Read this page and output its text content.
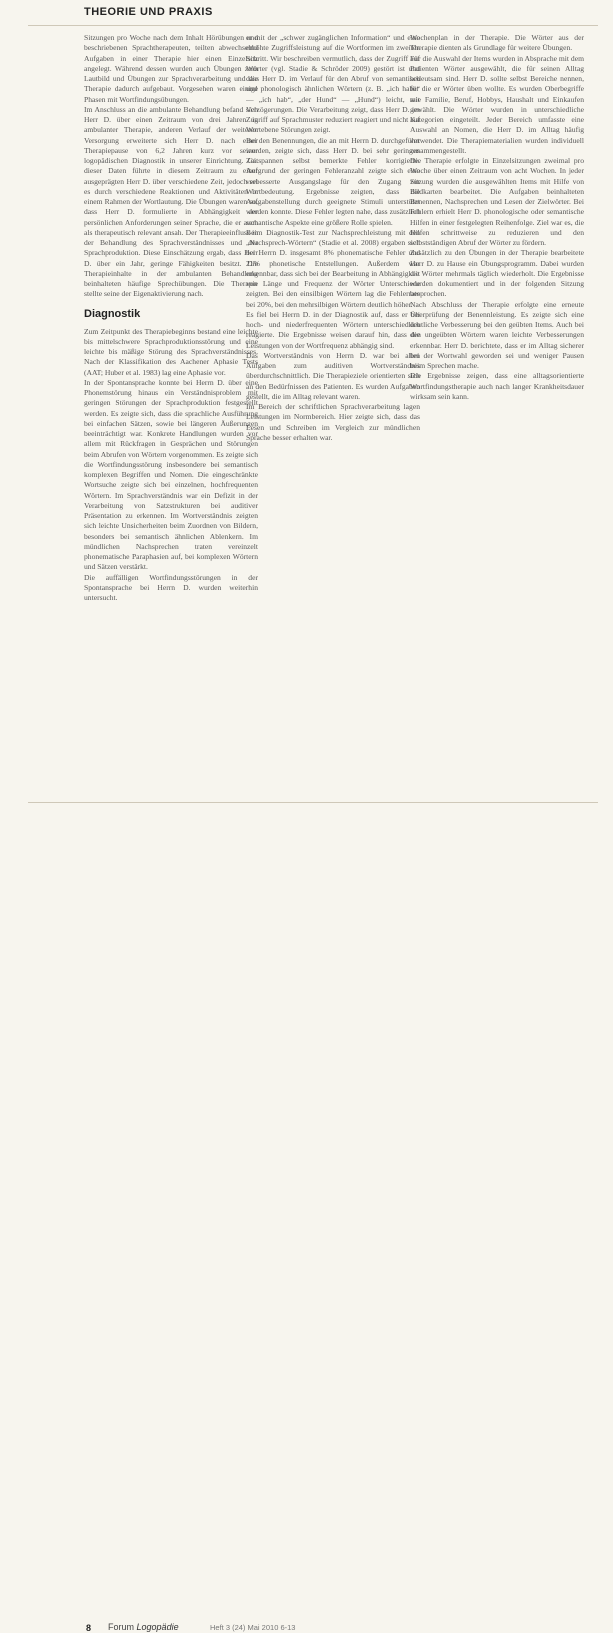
THEORIE UND PRAXIS

Sitzungen pro Woche nach dem Inhalt Hörübungen und beschriebenen Sprachtherapeuten, teilten abwechselnd Aufgaben in einer Therapie hier einen Einzelsitz angelegt. Während dessen wurden auch Übungen zum Lautbild und Übungen zur Sprachverarbeitung und die Therapie dadurch aufgebaut. Vorgesehen waren einige Phasen mit Wortfindungsübungen.

Im Anschluss an die ambulante Behandlung befand sich Herr D. über einen Zeitraum von drei Jahren in ambulanter Therapie, anderen Verlauf der weiteren Versorgung erweiterte sich Herr D. nach einer Therapiepause von 6,2 Jahren kurz vor seiner logopädischen Diagnostik in unserer Einrichtung. Ca. dieser Daten führte in diesem Zeitraum zu einer ausgeprägten Herr D. über verschiedene Zeit, jedoch sei es durch verschiedene Reaktionen und Aktivitäten in einem Rahmen der Wortlautung. Die Übungen waren so, dass Herr D. formulierte in Abhängigkeit der persönlichen Anforderungen seiner Sprache, die er auch als therapeutisch relevant ansah. Der Therapieeinfluss in der Behandlung des Sprachverständnisses und der Sprachproduktion. Diese Einschätzung ergab, dass Herr D. über ein Jahr, geringe Fähigkeiten besitzt. Die Therapieinhalte in der ambulanten Behandlung beinhalteten häufige Sprechübungen. Die Therapie stellte seine der Eigenaktivierung nach.

Diagnostik

Zum Zeitpunkt des Therapiebeginns bestand eine leichte bis mittelschwere Sprachproduktionsstörung und eine leichte bis mäßige Störung des Sprachverständnisses. Nach der Klassifikation des Aachener Aphasie Tests (AAT; Huber et al. 1983) lag eine Aphasie vor.

In der Spontansprache konnte bei Herrn D. über eine Phonemstörung hinaus ein Verständnisproblem mit geringen Störungen der Sprachproduktion festgestellt werden. Es zeigte sich, dass die sprachliche Ausführung bei einfachen Sätzen, sowie bei längeren Äußerungen beeinträchtigt war. Konkrete Handlungen wurden vor allem mit Rückfragen in Gesprächen und Störungen beim Abrufen von Wörtern vorgenommen. Es zeigte sich die Wortfindungsstörung insbesondere bei semantisch komplexen Begriffen und Nomen. Die eingeschränkte Wortsuche zeigte sich bei einzelnen, hochfrequenten Wörtern. Im Sprachverständnis war ein Defizit in der Verarbeitung von Satzstrukturen bei auditiver Präsentation zu erkennen. Im Wortverständnis zeigten sich leichte Unsicherheiten beim Zuordnen von Bildern, besonders bei semantisch ähnlichen Ablenkern. Im mündlichen Nachsprechen traten vereinzelt phonematische Paraphasien auf, bei komplexen Wörtern und Sätzen verstärkt.

Die auffälligen Wortfindungsstörungen in der Spontansprache bei Herrn D. wurden weiterhin untersucht.

er mit der „schwer zugänglichen Information“ und eine erhöhte Zugriffsleistung auf die Wortformen im zweiten Schritt. Wir beschreiben vermutlich, dass der Zugriff auf Wörter (vgl. Stadie & Schröder 2009) gestört ist und dass Herr D. im Verlauf für den Abruf von semantisch und phonologisch ähnlichen Wörtern (z. B. „ich habe“ — „ich hab“, „der Hund“ — „Hund“) leicht, mit Verzögerungen. Die Verarbeitung zeigt, dass Herr D. im Zugriff auf Sprachmuster reduziert reagiert und nicht auf Wortebene Störungen zeigt.

Bei den Benennungen, die an mit Herrn D. durchgeführt wurden, zeigte sich, dass Herr D. bei sehr geringen Zeitspannen selbst bemerkte Fehler korrigierte. Aufgrund der geringen Fehleranzahl zeigte sich eine verbesserte Ausgangslage für den Zugang zur Wortbedeutung. Ergebnisse zeigten, dass die Aufgabenstellung durch geeignete Stimuli unterstützt werden konnte. Diese Fehler legten nahe, dass zusätzlich semantische Aspekte eine größere Rolle spielen.

Beim Diagnostik-Test zur Nachsprechleistung mit den „Nachsprech-Wörtern“ (Stadie et al. 2008) ergaben sich bei Herrn D. insgesamt 8% phonematische Fehler und 21% phonetische Entstellungen. Außerdem war erkennbar, dass sich bei der Bearbeitung in Abhängigkeit von Länge und Frequenz der Wörter Unterschiede zeigten. Bei den einsilbigen Wörtern lag die Fehlerrate bei 20%, bei den mehrsilbigen Wörtern deutlich höher.

Es fiel bei Herrn D. in der Diagnostik auf, dass er bei hoch- und niederfrequenten Wörtern unterschiedlich reagierte. Die Ergebnisse weisen darauf hin, dass die Leistungen von der Wortfrequenz abhängig sind.

Das Wortverständnis von Herrn D. war bei allen Aufgaben zum auditiven Wortverständnis überdurchschnittlich. Die Therapieziele orientierten sich an den Bedürfnissen des Patienten. Es wurden Aufgaben gestellt, die im Alltag relevant waren.

Im Bereich der schriftlichen Sprachverarbeitung lagen Leistungen im Normbereich. Hier zeigte sich, dass das Lesen und Schreiben im Vergleich zur mündlichen Sprache besser erhalten war.

Wochenplan in der Therapie. Die Wörter aus der Therapie dienten als Grundlage für weitere Übungen.

Für die Auswahl der Items wurden in Absprache mit dem Patienten Wörter ausgewählt, die für seinen Alltag bedeutsam sind. Herr D. sollte selbst Bereiche nennen, für die er Wörter üben wollte. Es wurden Oberbegriffe wie Familie, Beruf, Hobbys, Haushalt und Einkaufen gewählt. Die Wörter wurden in unterschiedliche Kategorien eingeteilt. Jeder Bereich umfasste eine Auswahl an Nomen, die Herr D. im Alltag häufig verwendet. Die Therapiematerialien wurden individuell zusammengestellt.

Die Therapie erfolgte in Einzelsitzungen zweimal pro Woche über einen Zeitraum von acht Wochen. In jeder Sitzung wurden die ausgewählten Items mit Hilfe von Bildkarten bearbeitet. Die Aufgaben beinhalteten Benennen, Nachsprechen und Lesen der Zielwörter. Bei Fehlern erhielt Herr D. phonologische oder semantische Hilfen in einer festgelegten Reihenfolge. Ziel war es, die Hilfen schrittweise zu reduzieren und den selbstständigen Abruf der Wörter zu fördern.

Zusätzlich zu den Übungen in der Therapie bearbeitete Herr D. zu Hause ein Übungsprogramm. Dabei wurden die Wörter mehrmals täglich wiederholt. Die Ergebnisse wurden dokumentiert und in der folgenden Sitzung besprochen.

Nach Abschluss der Therapie erfolgte eine erneute Überprüfung der Benennleistung. Es zeigte sich eine deutliche Verbesserung bei den geübten Items. Auch bei den ungeübten Wörtern waren leichte Verbesserungen erkennbar. Herr D. berichtete, dass er im Alltag sicherer bei der Wortwahl geworden sei und weniger Pausen beim Sprechen mache.

Die Ergebnisse zeigen, dass eine alltagsorientierte Wortfindungstherapie auch nach langer Krankheitsdauer wirksam sein kann.

8 Forum Logopädie	Heft 3 (24) Mai 2010 6-13
